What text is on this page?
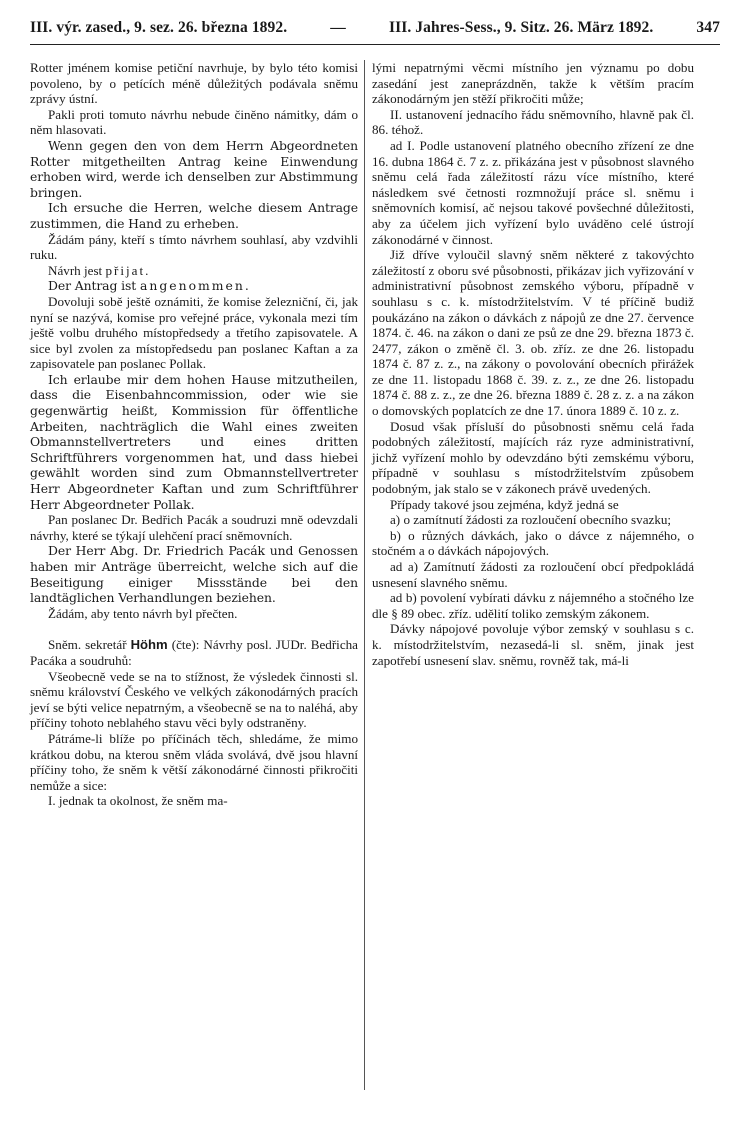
III. výr. zased., 9. sez. 26. března 1892.	—	III. Jahres-Sess., 9. Sitz. 26. März 1892.	347

Rotter jménem komise petiční navrhuje, by bylo této komisi povoleno, by o petících méně důležitých podávala sněmu zprávy ústní.

Pakli proti tomuto návrhu nebude činěno námitky, dám o něm hlasovati.

Wenn gegen den von dem Herrn Abgeordneten Rotter mitgetheilten Antrag keine Einwendung erhoben wird, werde ich denselben zur Abstimmung bringen.

Ich ersuche die Herren, welche diesem Antrage zustimmen, die Hand zu erheben.

Žádám pány, kteří s tímto návrhem souhlasí, aby vzdvihli ruku.

Návrh jest přijat.

Der Antrag ist angenommen.

Dovoluji sobě ještě oznámiti, že komise železniční, či, jak nyní se nazývá, komise pro veřejné práce, vykonala mezi tím ještě volbu druhého místopředsedy a třetího zapisovatele. A sice byl zvolen za místopředsedu pan poslanec Kaftan a za zapisovatele pan poslanec Pollak.

Ich erlaube mir dem hohen Hause mitzutheilen, dass die Eisenbahncommission, oder wie sie gegenwärtig heißt, Kommission für öffentliche Arbeiten, nachträglich die Wahl eines zweiten Obmannstellvertreters und eines dritten Schriftführers vorgenommen hat, und dass hiebei gewählt worden sind zum Obmannstellvertreter Herr Abgeordneter Kaftan und zum Schriftführer Herr Abgeordneter Pollak.

Pan poslanec Dr. Bedřich Pacák a soudruzi mně odevzdali návrhy, které se týkají ulehčení prací sněmovních.

Der Herr Abg. Dr. Friedrich Pacák und Genossen haben mir Anträge überreicht, welche sich auf die Beseitigung einiger Missstände bei den landtäglichen Verhandlungen beziehen.

Žádám, aby tento návrh byl přečten.

Sněm. sekretář Höhm (čte): Návrhy posl. JUDr. Bedřicha Pacáka a soudruhů:

Všeobecně vede se na to stížnost, že výsledek činnosti sl. sněmu království Českého ve velkých zákonodárných pracích jeví se býti velice nepatrným, a všeobecně se na to naléhá, aby příčiny tohoto neblahého stavu věci byly odstraněny.

Pátráme-li blíže po příčinách těch, shledáme, že mimo krátkou dobu, na kterou sněm vláda svolává, dvě jsou hlavní příčiny toho, že sněm k větší zákonodárné činnosti přikročiti nemůže a sice:

I. jednak ta okolnost, že sněm ma-

lými nepatrnými věcmi místního jen významu po dobu zasedání jest zaneprázdněn, takže k větším pracím zákonodárným jen stěží přikročiti může;

II. ustanovení jednacího řádu sněmovního, hlavně pak čl. 86. téhož.

ad I. Podle ustanovení platného obecního zřízení ze dne 16. dubna 1864 č. 7 z. z. přikázána jest v působnost slavného sněmu celá řada záležitostí rázu více místního, které následkem své četnosti rozmnožují práce sl. sněmu i sněmovních komisí, ač nejsou takové povšechné důležitosti, aby za účelem jich vyřízení bylo uváděno celé ústrojí zákonodárné v činnost.

Již dříve vyloučil slavný sněm některé z takovýchto záležitostí z oboru své působnosti, přikázav jich vyřizování v administrativní působnost zemského výboru, případně v souhlasu s c. k. místodržitelstvím. V té příčině budiž poukázáno na zákon o dávkách z nápojů ze dne 27. července 1874. č. 46. na zákon o dani ze psů ze dne 29. března 1873 č. 2477, zákon o změně čl. 3. ob. zříz. ze dne 26. listopadu 1874 č. 87 z. z., na zákony o povolování obecních přirážek ze dne 11. listopadu 1868 č. 39. z. z., ze dne 26. listopadu 1874 č. 88 z. z., ze dne 26. března 1889 č. 28 z. z. a na zákon o domovských poplatcích ze dne 17. února 1889 č. 10 z. z.

Dosud však přísluší do působnosti sněmu celá řada podobných záležitostí, majících ráz ryze administrativní, jichž vyřízení mohlo by odevzdáno býti zemskému výboru, případně v souhlasu s místodržitelstvím způsobem podobným, jak stalo se v zákonech právě uvedených.

Případy takové jsou zejména, když jedná se

a) o zamítnutí žádosti za rozloučení obecního svazku;

b) o různých dávkách, jako o dávce z nájemného, o stočném a o dávkách nápojových.

ad a) Zamítnutí žádosti za rozloučení obcí předpokládá usnesení slavného sněmu.

ad b) povolení vybírati dávku z nájemného a stočného lze dle § 89 obec. zříz. udělití toliko zemským zákonem.

Dávky nápojové povoluje výbor zemský v souhlasu s c. k. místodržitelstvím, nezasedá-li sl. sněm, jinak jest zapotřebí usnesení slav. sněmu, rovněž tak, má-li
